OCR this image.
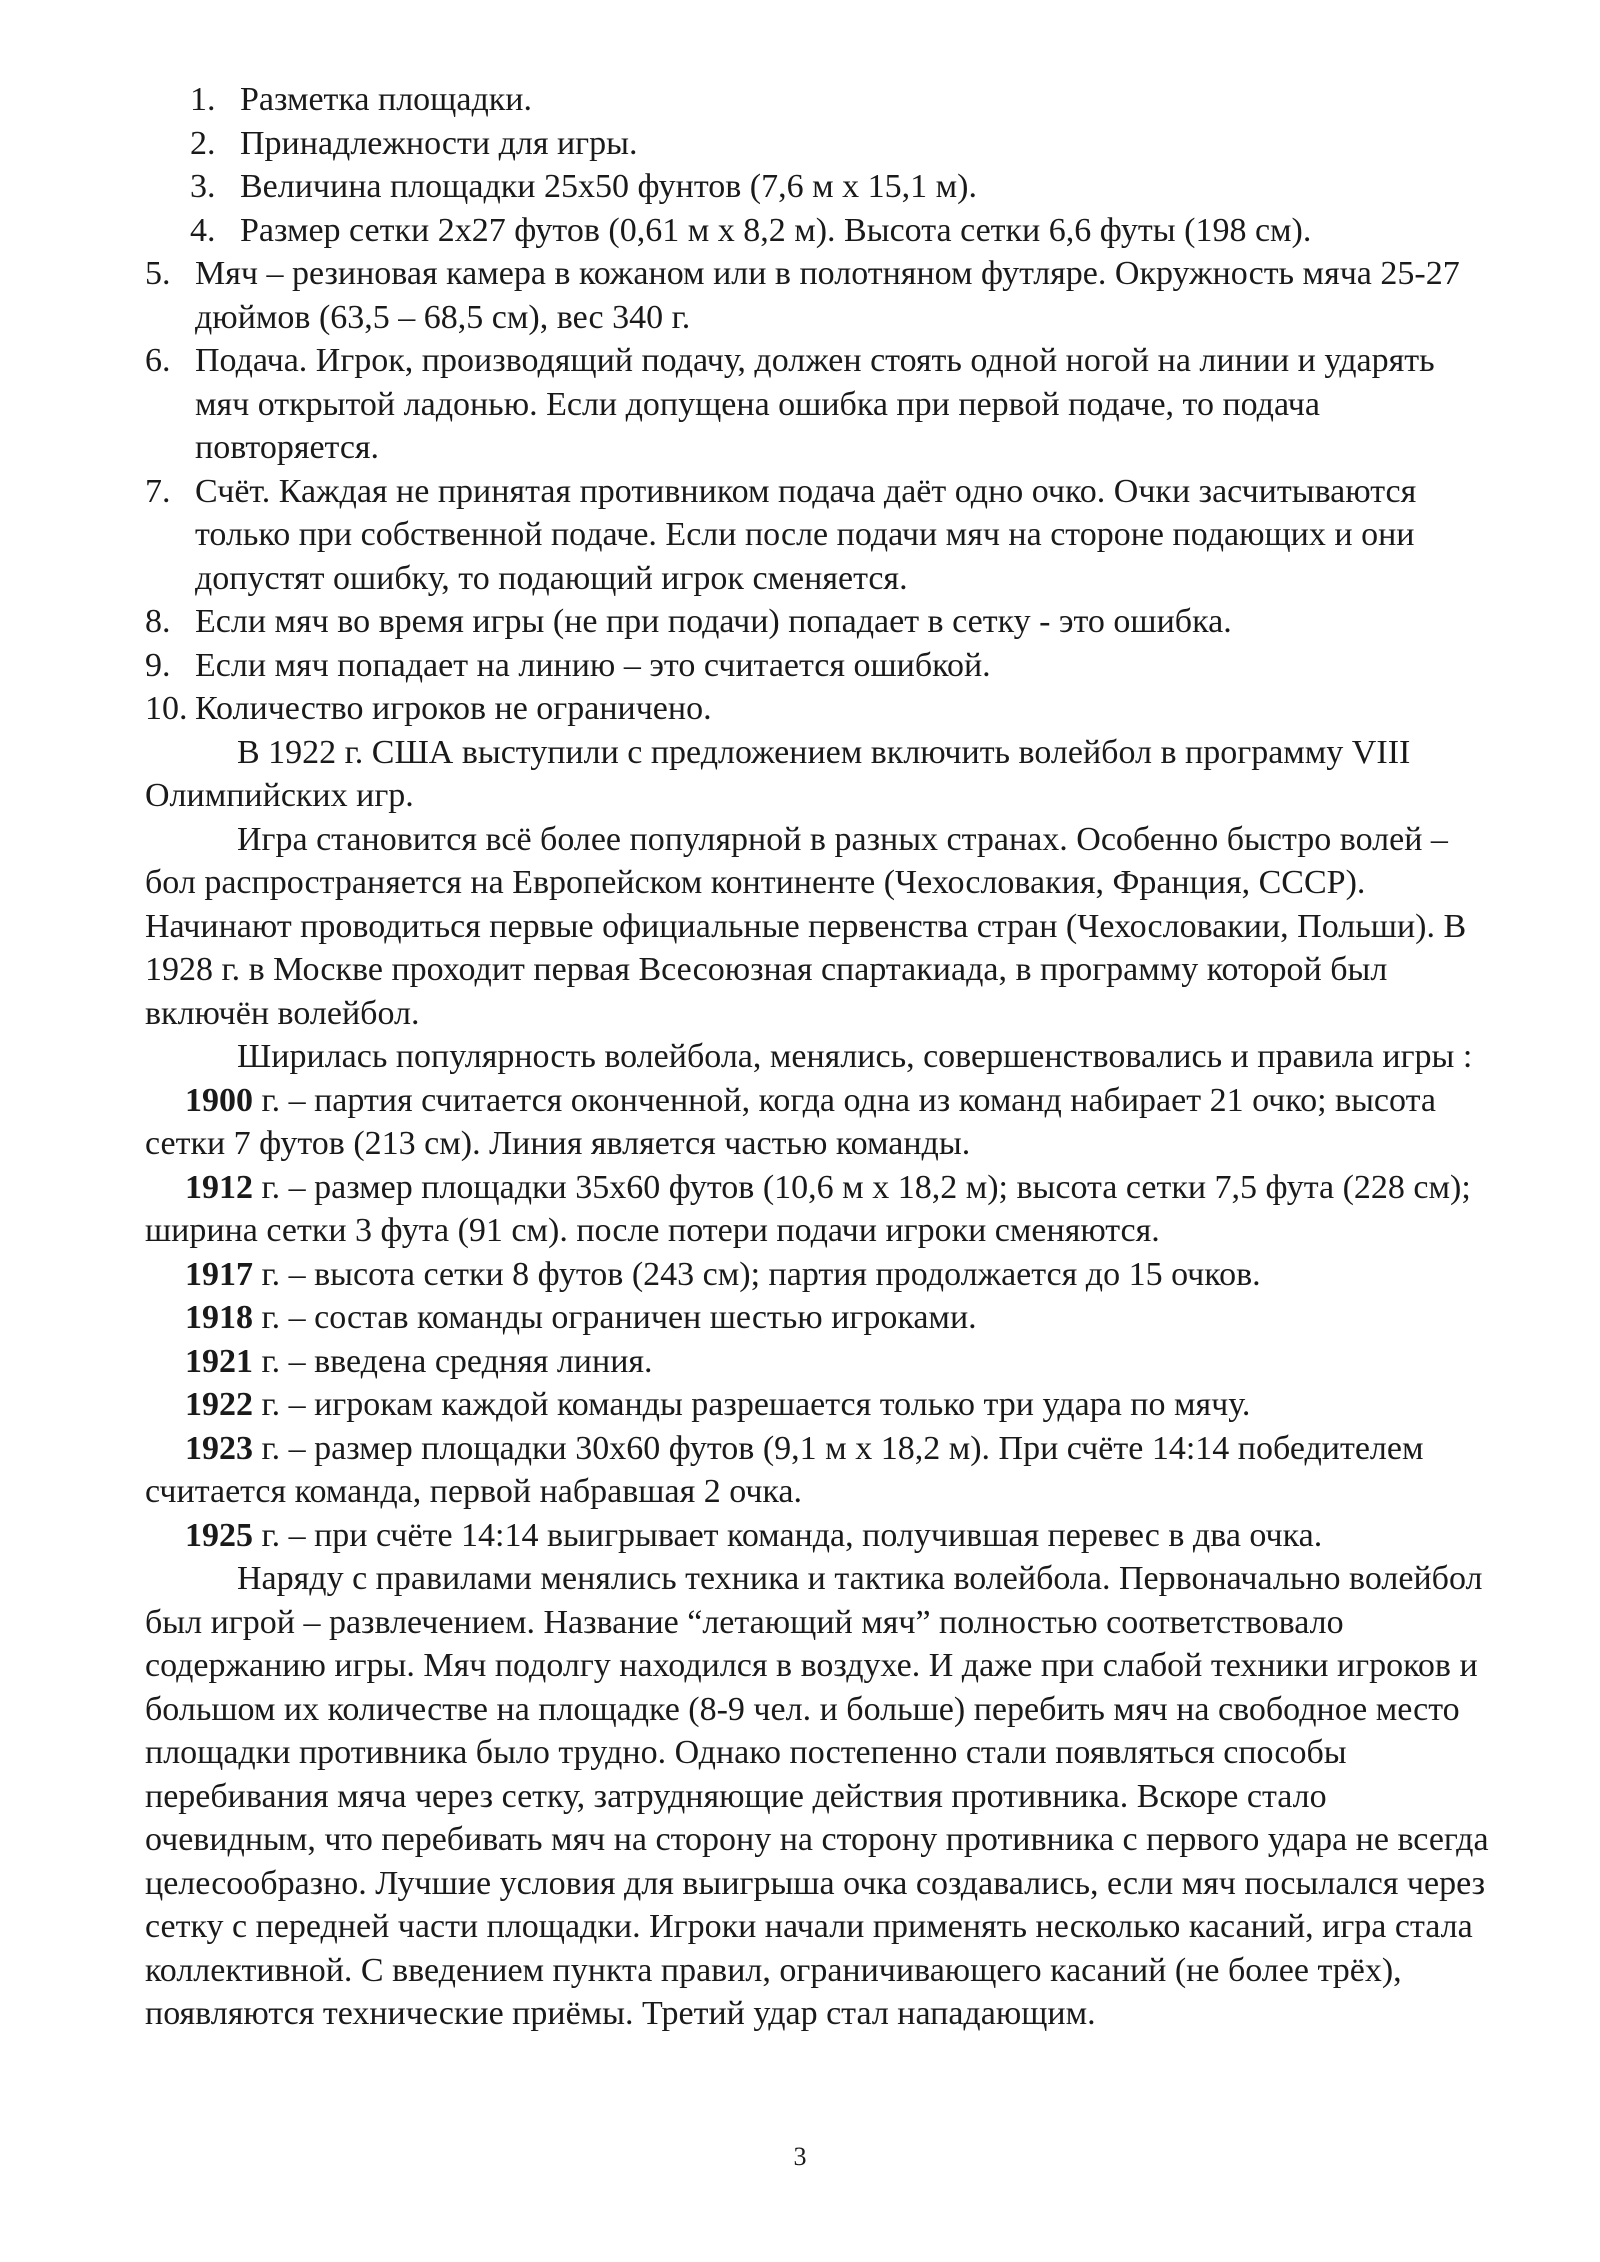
1. Разметка площадки.
2. Принадлежности для игры.
3. Величина площадки 25х50 фунтов (7,6 м х 15,1 м).
4. Размер сетки 2х27 футов (0,61 м х 8,2 м). Высота сетки 6,6 футы (198 см).
5. Мяч – резиновая камера в кожаном или в полотняном футляре. Окружность мяча 25-27 дюймов (63,5 – 68,5 см), вес 340 г.
6. Подача. Игрок, производящий подачу, должен стоять одной ногой на линии и ударять мяч открытой ладонью. Если допущена ошибка при первой подаче, то подача повторяется.
7. Счёт. Каждая не принятая противником подача даёт одно очко. Очки засчитываются только при собственной подаче. Если после подачи мяч на стороне подающих и они допустят ошибку, то подающий игрок сменяется.
8. Если мяч во время игры (не при подачи) попадает в сетку - это ошибка.
9. Если мяч попадает на линию – это считается ошибкой.
10. Количество игроков не ограничено.
В 1922 г. США выступили с предложением включить волейбол в программу VIII Олимпийских игр.
Игра становится всё более популярной в разных странах. Особенно быстро волей – бол распространяется на Европейском континенте (Чехословакия, Франция, СССР). Начинают проводиться первые официальные первенства стран (Чехословакии, Польши). В 1928 г. в Москве проходит первая Всесоюзная спартакиада, в программу которой был включён волейбол.
Ширилась популярность волейбола, менялись, совершенствовались и правила игры :
1900 г. – партия считается оконченной, когда одна из команд набирает 21 очко; высота сетки 7 футов (213 см). Линия является частью команды.
1912 г. – размер площадки 35х60 футов (10,6 м х 18,2 м); высота сетки 7,5 фута (228 см); ширина сетки 3 фута (91 см). после потери подачи игроки сменяются.
1917 г. – высота сетки 8 футов (243 см); партия продолжается до 15 очков.
1918 г. – состав команды ограничен шестью игроками.
1921 г. – введена средняя линия.
1922 г. – игрокам каждой команды разрешается только три удара по мячу.
1923 г. – размер площадки 30х60 футов (9,1 м х 18,2 м). При счёте 14:14 победителем считается команда, первой набравшая 2 очка.
1925 г. – при счёте 14:14 выигрывает команда, получившая перевес в два очка.
Наряду с правилами менялись техника и тактика волейбола. Первоначально волейбол был игрой – развлечением. Название “летающий мяч” полностью соответствовало содержанию игры. Мяч подолгу находился в воздухе. И даже при слабой техники игроков и большом их количестве на площадке (8-9 чел. и больше) перебить мяч на свободное место площадки противника было трудно. Однако постепенно стали появляться способы перебивания мяча через сетку, затрудняющие действия противника. Вскоре стало очевидным, что перебивать мяч на сторону на сторону противника с первого удара не всегда целесообразно. Лучшие условия для выигрыша очка создавались, если мяч посылался через сетку с передней части площадки. Игроки начали применять несколько касаний, игра стала коллективной. С введением пункта правил, ограничивающего касаний (не более трёх), появляются технические приёмы. Третий удар стал нападающим.
3
